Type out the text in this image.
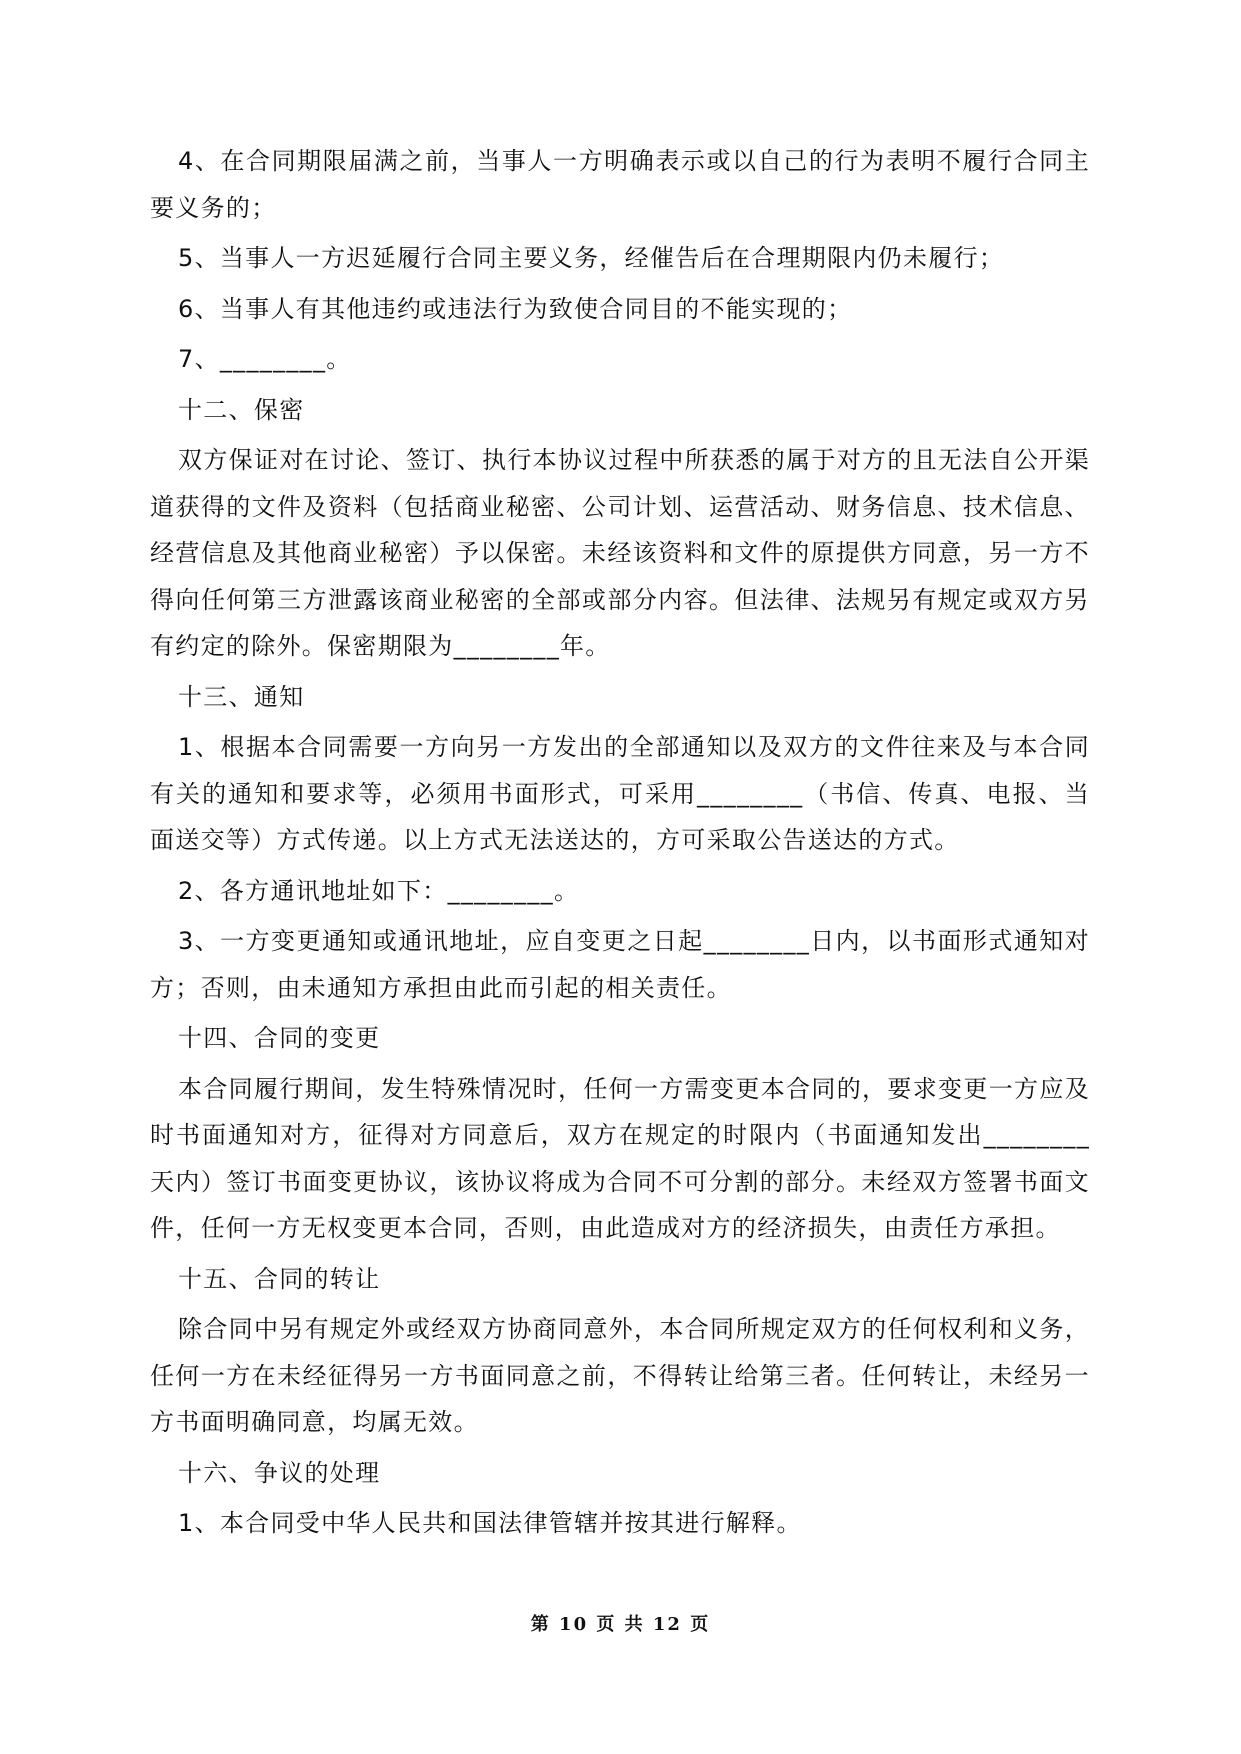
4、在合同期限届满之前，当事人一方明确表示或以自己的行为表明不履行合同主要义务的；

5、当事人一方迟延履行合同主要义务，经催告后在合理期限内仍未履行；

6、当事人有其他违约或违法行为致使合同目的不能实现的；

7、________。

十二、保密

双方保证对在讨论、签订、执行本协议过程中所获悉的属于对方的且无法自公开渠道获得的文件及资料（包括商业秘密、公司计划、运营活动、财务信息、技术信息、经营信息及其他商业秘密）予以保密。未经该资料和文件的原提供方同意，另一方不得向任何第三方泄露该商业秘密的全部或部分内容。但法律、法规另有规定或双方另有约定的除外。保密期限为________年。

十三、通知

1、根据本合同需要一方向另一方发出的全部通知以及双方的文件往来及与本合同有关的通知和要求等，必须用书面形式，可采用________（书信、传真、电报、当面送交等）方式传递。以上方式无法送达的，方可采取公告送达的方式。

2、各方通讯地址如下：________。

3、一方变更通知或通讯地址，应自变更之日起________日内，以书面形式通知对方；否则，由未通知方承担由此而引起的相关责任。

十四、合同的变更

本合同履行期间，发生特殊情况时，任何一方需变更本合同的，要求变更一方应及时书面通知对方，征得对方同意后，双方在规定的时限内（书面通知发出________天内）签订书面变更协议，该协议将成为合同不可分割的部分。未经双方签署书面文件，任何一方无权变更本合同，否则，由此造成对方的经济损失，由责任方承担。

十五、合同的转让

除合同中另有规定外或经双方协商同意外，本合同所规定双方的任何权利和义务，任何一方在未经征得另一方书面同意之前，不得转让给第三者。任何转让，未经另一方书面明确同意，均属无效。

十六、争议的处理

1、本合同受中华人民共和国法律管辖并按其进行解释。

第 10 页 共 12 页
